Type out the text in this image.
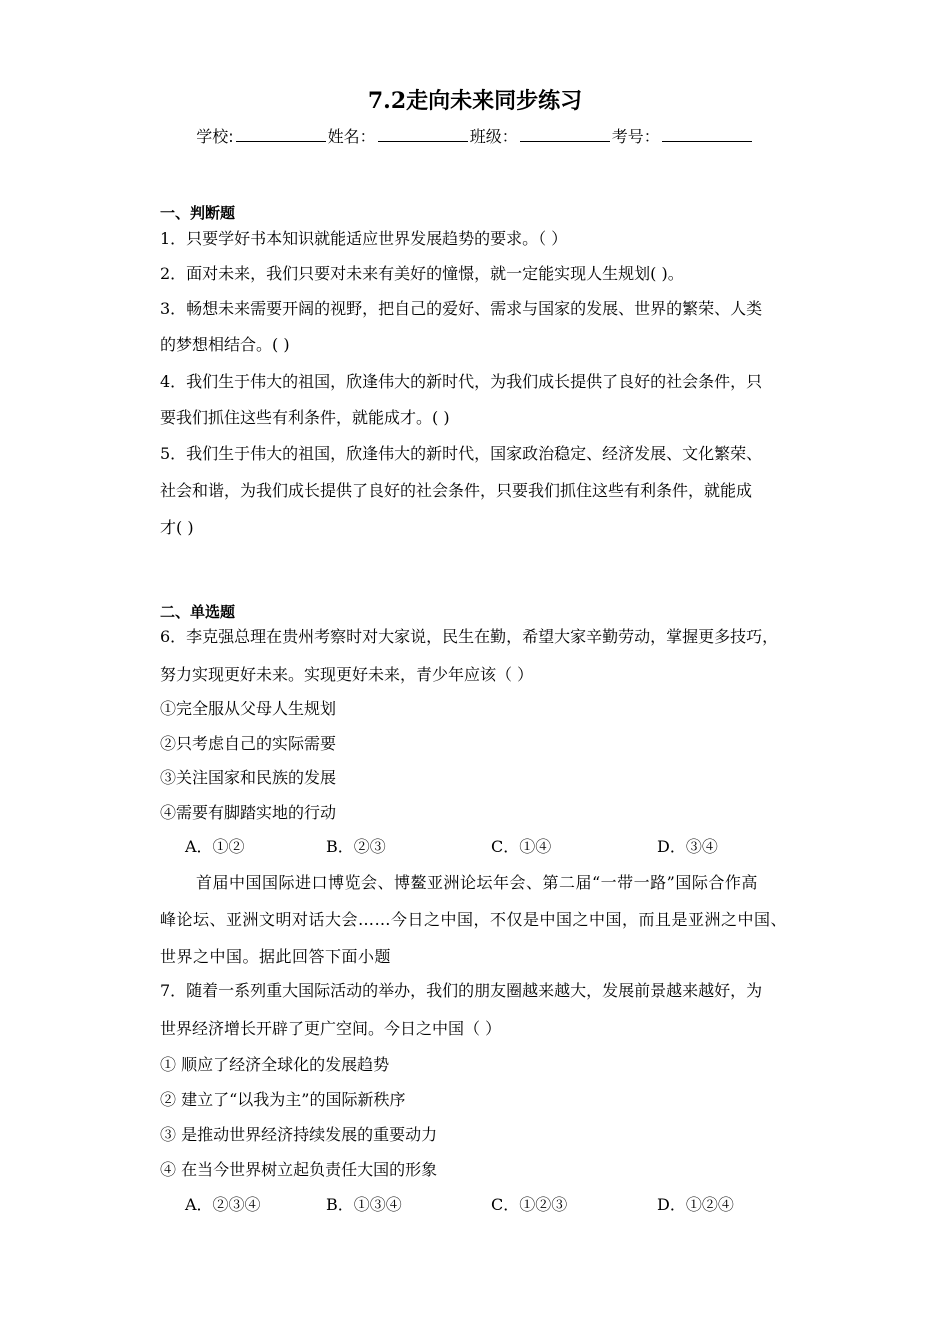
7.2走向未来同步练习
学校:	姓名：	班级：	考号：
一、判断题
1．只要学好书本知识就能适应世界发展趋势的要求。（ ）
2．面对未来，我们只要对未来有美好的憧憬，就一定能实现人生规划( )。
3．畅想未来需要开阔的视野，把自己的爱好、需求与国家的发展、世界的繁荣、人类
的梦想相结合。( )
4．我们生于伟大的祖国，欣逢伟大的新时代，为我们成长提供了良好的社会条件，只
要我们抓住这些有利条件，就能成才。( )
5．我们生于伟大的祖国，欣逢伟大的新时代，国家政治稳定、经济发展、文化繁荣、
社会和谐，为我们成长提供了良好的社会条件，只要我们抓住这些有利条件，就能成
才( )
二、单选题
6．李克强总理在贵州考察时对大家说，民生在勤，希望大家辛勤劳动，掌握更多技巧，
努力实现更好未来。实现更好未来，青少年应该（ ）
①完全服从父母人生规划
②只考虑自己的实际需要
③关注国家和民族的发展
④需要有脚踏实地的行动
A．①②	B．②③	C．①④	D．③④
首届中国国际进口博览会、博鳌亚洲论坛年会、第二届“一带一路”国际合作高
峰论坛、亚洲文明对话大会……今日之中国，不仅是中国之中国，而且是亚洲之中国、
世界之中国。据此回答下面小题
7．随着一系列重大国际活动的举办，我们的朋友圈越来越大，发展前景越来越好，为
世界经济增长开辟了更广空间。今日之中国（ ）
① 顺应了经济全球化的发展趋势
② 建立了“以我为主”的国际新秩序
③ 是推动世界经济持续发展的重要动力
④ 在当今世界树立起负责任大国的形象
A．②③④	B．①③④	C．①②③	D．①②④
